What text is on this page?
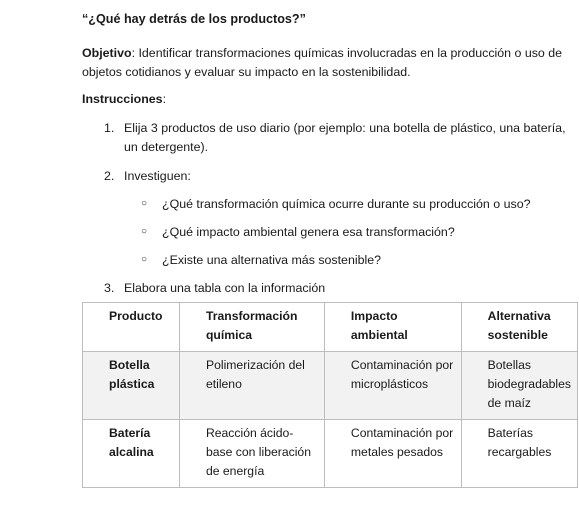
“¿Qué hay detrás de los productos?”
Objetivo: Identificar transformaciones químicas involucradas en la producción o uso de objetos cotidianos y evaluar su impacto en la sostenibilidad.
Instrucciones:
1. Elija 3 productos de uso diario (por ejemplo: una botella de plástico, una batería, un detergente).
2. Investiguen:
○ ¿Qué transformación química ocurre durante su producción o uso?
○ ¿Qué impacto ambiental genera esa transformación?
○ ¿Existe una alternativa más sostenible?
3. Elabora una tabla con la información
Producto	Transformación química	Impacto ambiental	Alternativa sostenible
Botella plástica	Polimerización del etileno	Contaminación por microplásticos	Botellas biodegradables de maíz
Batería alcalina	Reacción ácido-base con liberación de energía	Contaminación por metales pesados	Baterías recargables
